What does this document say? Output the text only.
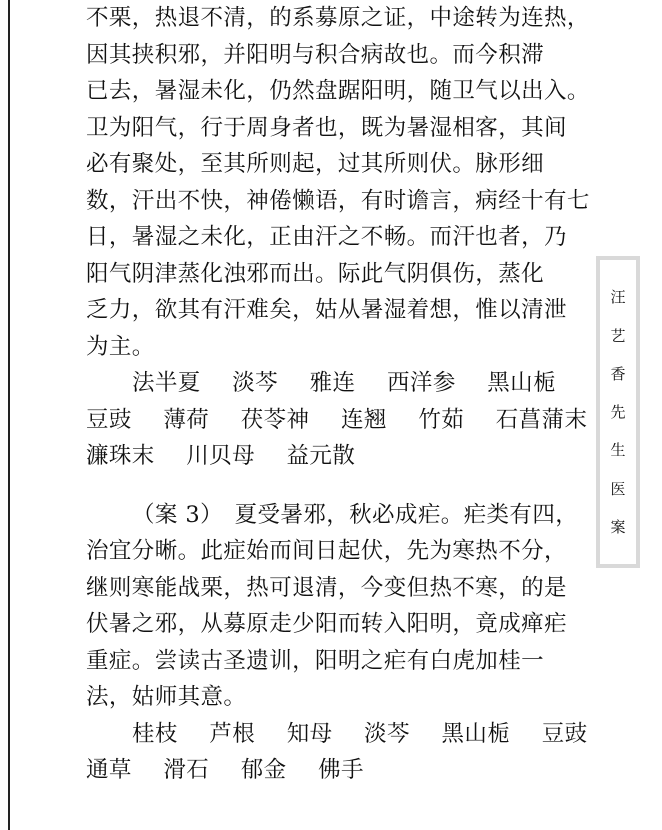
不栗，热退不清，的系募原之证，中途转为连热，
因其挟积邪，并阳明与积合病故也。而今积滞
已去，暑湿未化，仍然盘踞阳明，随卫气以出入。
卫为阳气，行于周身者也，既为暑湿相客，其间
必有聚处，至其所则起，过其所则伏。脉形细
数，汗出不快，神倦懒语，有时谵言，病经十有七
日，暑湿之未化，正由汗之不畅。而汗也者，乃
阳气阴津蒸化浊邪而出。际此气阴俱伤，蒸化
乏力，欲其有汗难矣，姑从暑湿着想，惟以清泄
为主。
法半夏 淡芩 雅连 西洋参 黑山栀
豆豉 薄荷 茯苓神 连翘 竹茹 石菖蒲末
濂珠末 川贝母 益元散
（案 3）　夏受暑邪，秋必成疟。疟类有四，
治宜分晰。此症始而间日起伏，先为寒热不分，
继则寒能战栗，热可退清，今变但热不寒，的是
伏暑之邪，从募原走少阳而转入阳明，竟成瘅疟
重症。尝读古圣遗训，阳明之疟有白虎加桂一
法，姑师其意。
桂枝 芦根 知母 淡芩 黑山栀 豆豉
通草 滑石 郁金 佛手
汪
艺
香
先
生
医
案
